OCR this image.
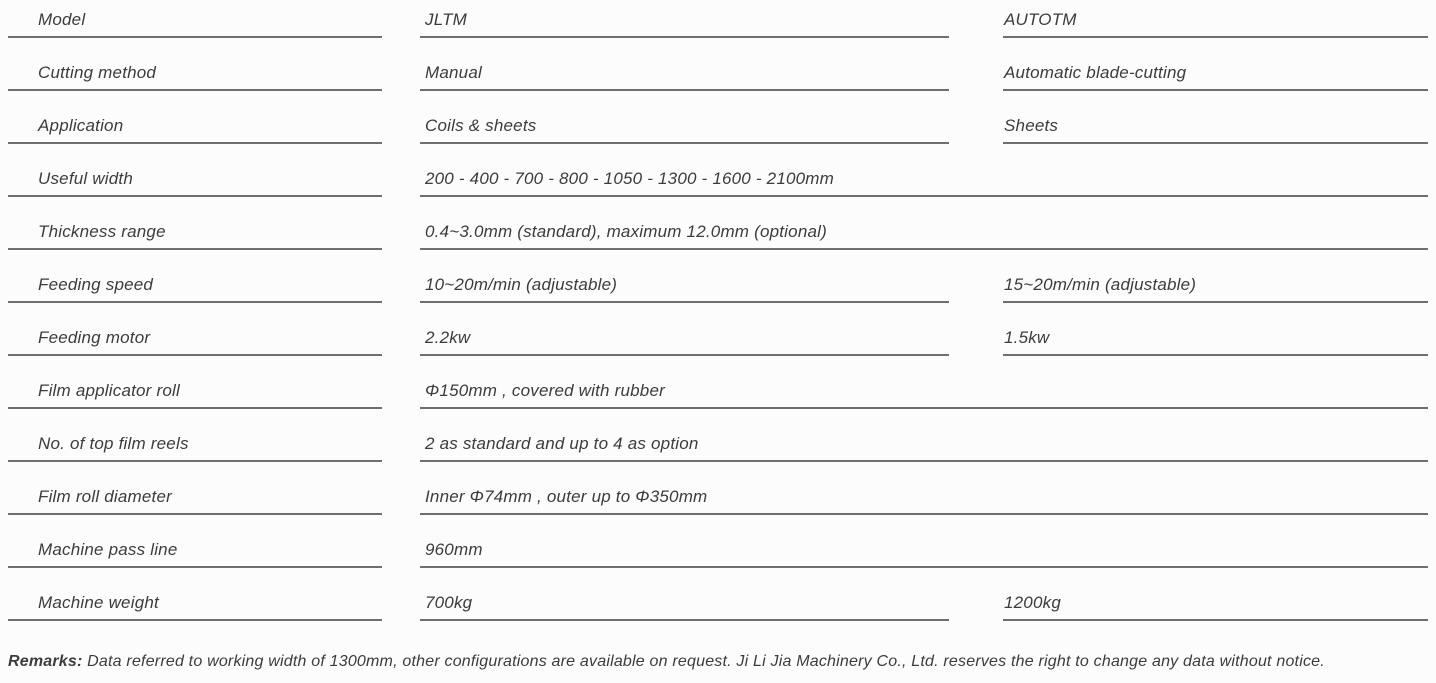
Model	JLTM	AUTOTM
Cutting method	Manual	Automatic blade-cutting
Application	Coils & sheets	Sheets
Useful width	200 - 400 - 700 - 800 - 1050 - 1300 - 1600 - 2100mm
Thickness range	0.4~3.0mm (standard), maximum 12.0mm (optional)
Feeding speed	10~20m/min (adjustable)	15~20m/min (adjustable)
Feeding motor	2.2kw	1.5kw
Film applicator roll	Φ150mm , covered with rubber
No. of top film reels	2 as standard and up to 4 as option
Film roll diameter	Inner Φ74mm , outer up to Φ350mm
Machine pass line	960mm
Machine weight	700kg	1200kg
Remarks: Data referred to working width of 1300mm, other configurations are available on request. Ji Li Jia Machinery Co., Ltd. reserves the right to change any data without notice.
